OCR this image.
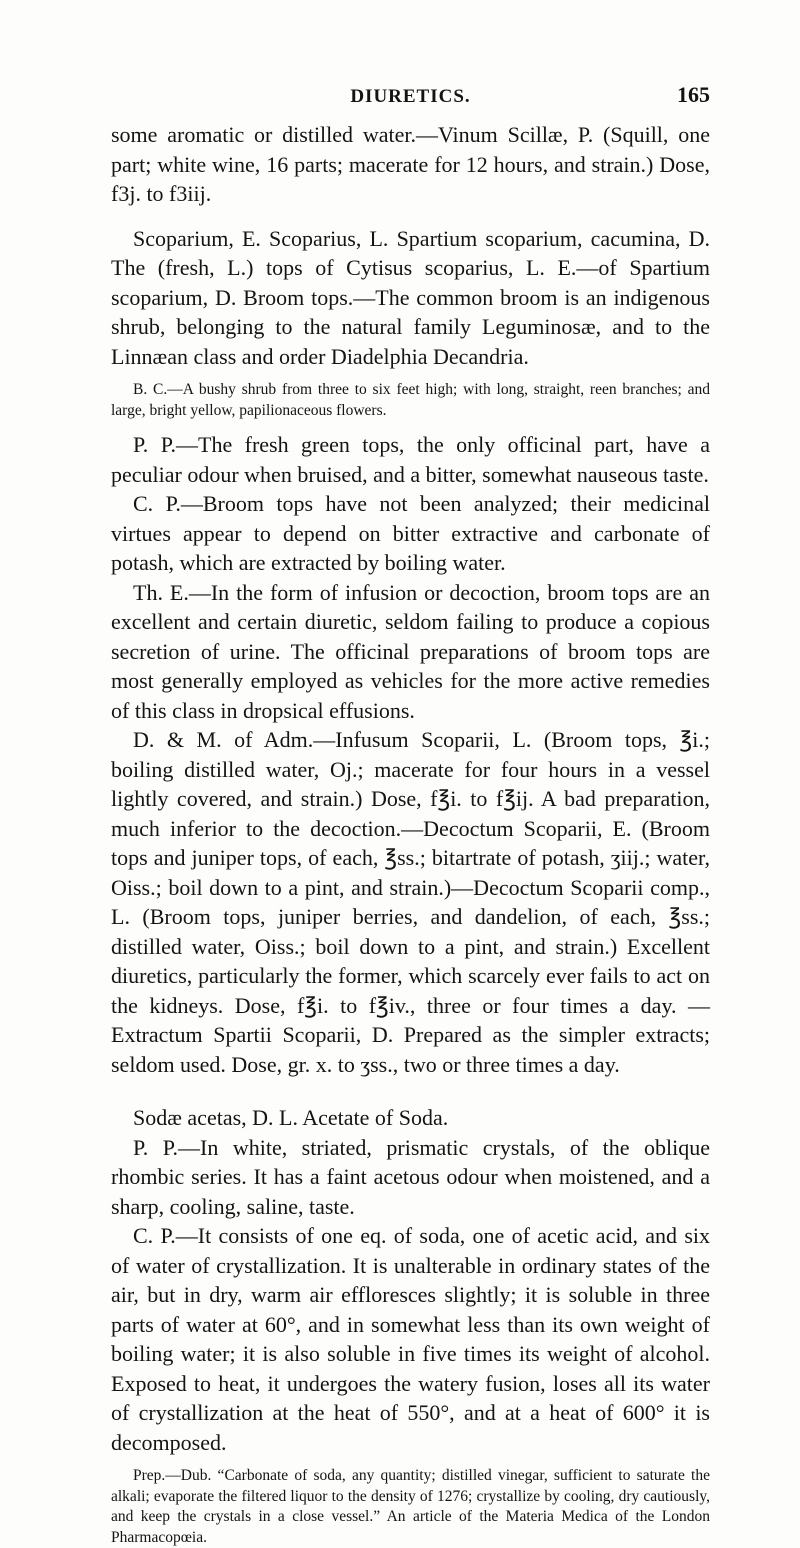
DIURETICS.	165

some aromatic or distilled water.—Vinum Scillæ, P. (Squill, one part; white wine, 16 parts; macerate for 12 hours, and strain.) Dose, f3j. to f3iij.

Scoparium, E. Scoparius, L. Spartium scoparium, cacumina, D. The (fresh, L.) tops of Cytisus scoparius, L. E.—of Spartium scoparium, D. Broom tops.—The common broom is an indigenous shrub, belonging to the natural family Leguminosæ, and to the Linnæan class and order Diadelphia Decandria.

B. C.—A bushy shrub from three to six feet high; with long, straight, reen branches; and large, bright yellow, papilionaceous flowers.

P. P.—The fresh green tops, the only officinal part, have a peculiar odour when bruised, and a bitter, somewhat nauseous taste.

C. P.—Broom tops have not been analyzed; their medicinal virtues appear to depend on bitter extractive and carbonate of potash, which are extracted by boiling water.

Th. E.—In the form of infusion or decoction, broom tops are an excellent and certain diuretic, seldom failing to produce a copious secretion of urine. The officinal preparations of broom tops are most generally employed as vehicles for the more active remedies of this class in dropsical effusions.

D. & M. of Adm.—Infusum Scoparii, L. (Broom tops, ℥i.; boiling distilled water, Oj.; macerate for four hours in a vessel lightly covered, and strain.) Dose, f℥i. to f℥ij. A bad preparation, much inferior to the decoction.—Decoctum Scoparii, E. (Broom tops and juniper tops, of each, ℥ss.; bitartrate of potash, ʒiij.; water, Oiss.; boil down to a pint, and strain.)—Decoctum Scoparii comp., L. (Broom tops, juniper berries, and dandelion, of each, ℥ss.; distilled water, Oiss.; boil down to a pint, and strain.) Excellent diuretics, particularly the former, which scarcely ever fails to act on the kidneys. Dose, f℥i. to f℥iv., three or four times a day. —Extractum Spartii Scoparii, D. Prepared as the simpler extracts; seldom used. Dose, gr. x. to ʒss., two or three times a day.

Sodæ acetas, D. L. Acetate of Soda.

P. P.—In white, striated, prismatic crystals, of the oblique rhombic series. It has a faint acetous odour when moistened, and a sharp, cooling, saline, taste.

C. P.—It consists of one eq. of soda, one of acetic acid, and six of water of crystallization. It is unalterable in ordinary states of the air, but in dry, warm air effloresces slightly; it is soluble in three parts of water at 60°, and in somewhat less than its own weight of boiling water; it is also soluble in five times its weight of alcohol. Exposed to heat, it undergoes the watery fusion, loses all its water of crystallization at the heat of 550°, and at a heat of 600° it is decomposed.

Prep.—Dub. “Carbonate of soda, any quantity; distilled vinegar, sufficient to saturate the alkali; evaporate the filtered liquor to the density of 1276; crystallize by cooling, dry cautiously, and keep the crystals in a close vessel.” An article of the Materia Medica of the London Pharmacopœia.
